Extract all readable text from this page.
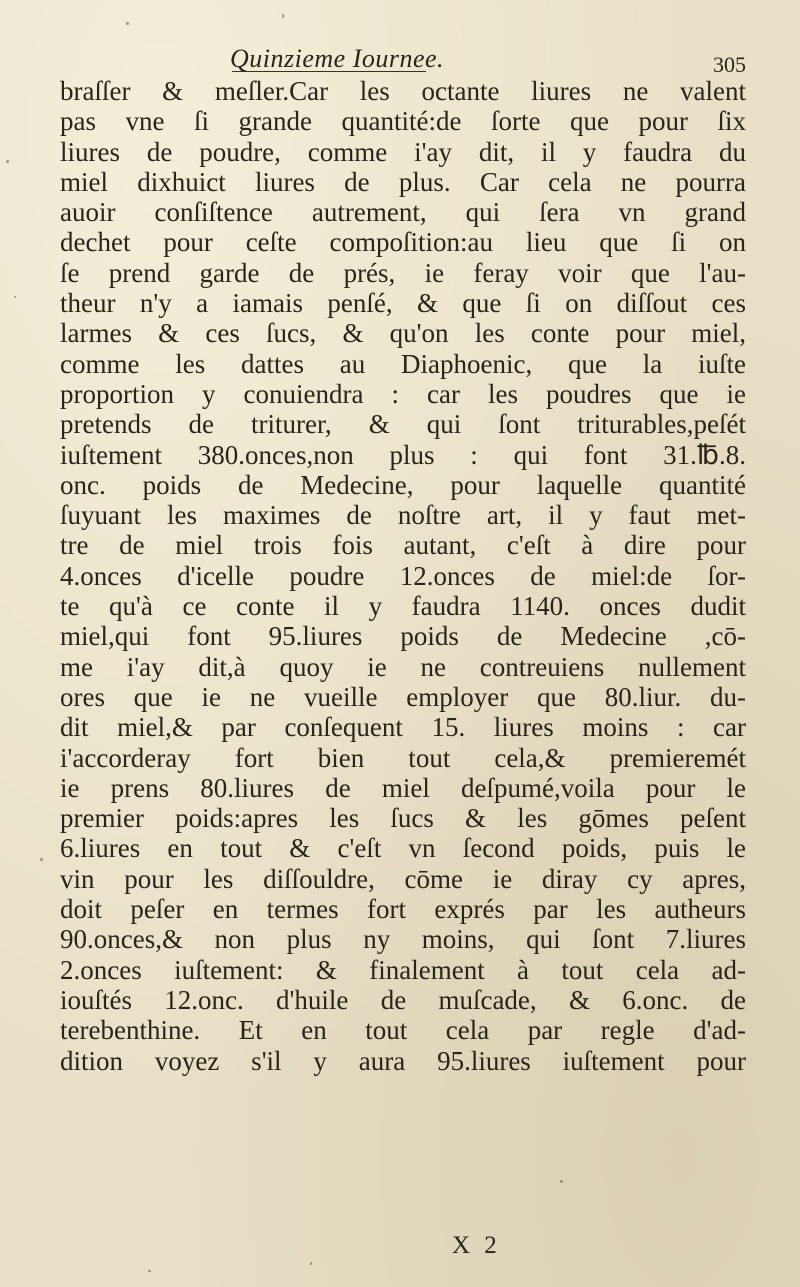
Quinzieme Iournee.	305
braſſer & meſler.Car les octante liures ne valent
pas vne ſi grande quantité:de ſorte que pour ſix
liures de poudre, comme i'ay dit, il y faudra du
miel dixhuict liures de plus. Car cela ne pourra
auoir conſiſtence autrement, qui ſera vn grand
dechet pour ceſte compoſition:au lieu que ſi on
ſe prend garde de prés, ie feray voir que l'au-
theur n'y a iamais penſé, & que ſi on diſſout ces
larmes & ces ſucs, & qu'on les conte pour miel,
comme les dattes au Diaphoenic, que la iuſte
proportion y conuiendra : car les poudres que ie
pretends de triturer, & qui ſont triturables,peſét
iuſtement 380.onces,non plus : qui font 31.℔.8.
onc. poids de Medecine, pour laquelle quantité
ſuyuant les maximes de noſtre art, il y faut met-
tre de miel trois fois autant, c'eſt à dire pour
4.onces d'icelle poudre 12.onces de miel:de ſor-
te qu'à ce conte il y faudra 1140. onces dudit
miel,qui font 95.liures poids de Medecine ,cō-
me i'ay dit,à quoy ie ne contreuiens nullement
ores que ie ne vueille employer que 80.liur. du-
dit miel,& par conſequent 15. liures moins : car
i'accorderay fort bien tout cela,& premieremét
ie prens 80.liures de miel deſpumé,voila pour le
premier poids:apres les ſucs & les gōmes peſent
6.liures en tout & c'eſt vn ſecond poids, puis le
vin pour les diſſouldre, cōme ie diray cy apres,
doit peſer en termes fort exprés par les autheurs
90.onces,& non plus ny moins, qui ſont 7.liures
2.onces iuſtement: & finalement à tout cela ad-
iouſtés 12.onc. d'huile de muſcade, & 6.onc. de
terebenthine. Et en tout cela par regle d'ad-
dition voyez s'il y aura 95.liures iuſtement pour
X 2
